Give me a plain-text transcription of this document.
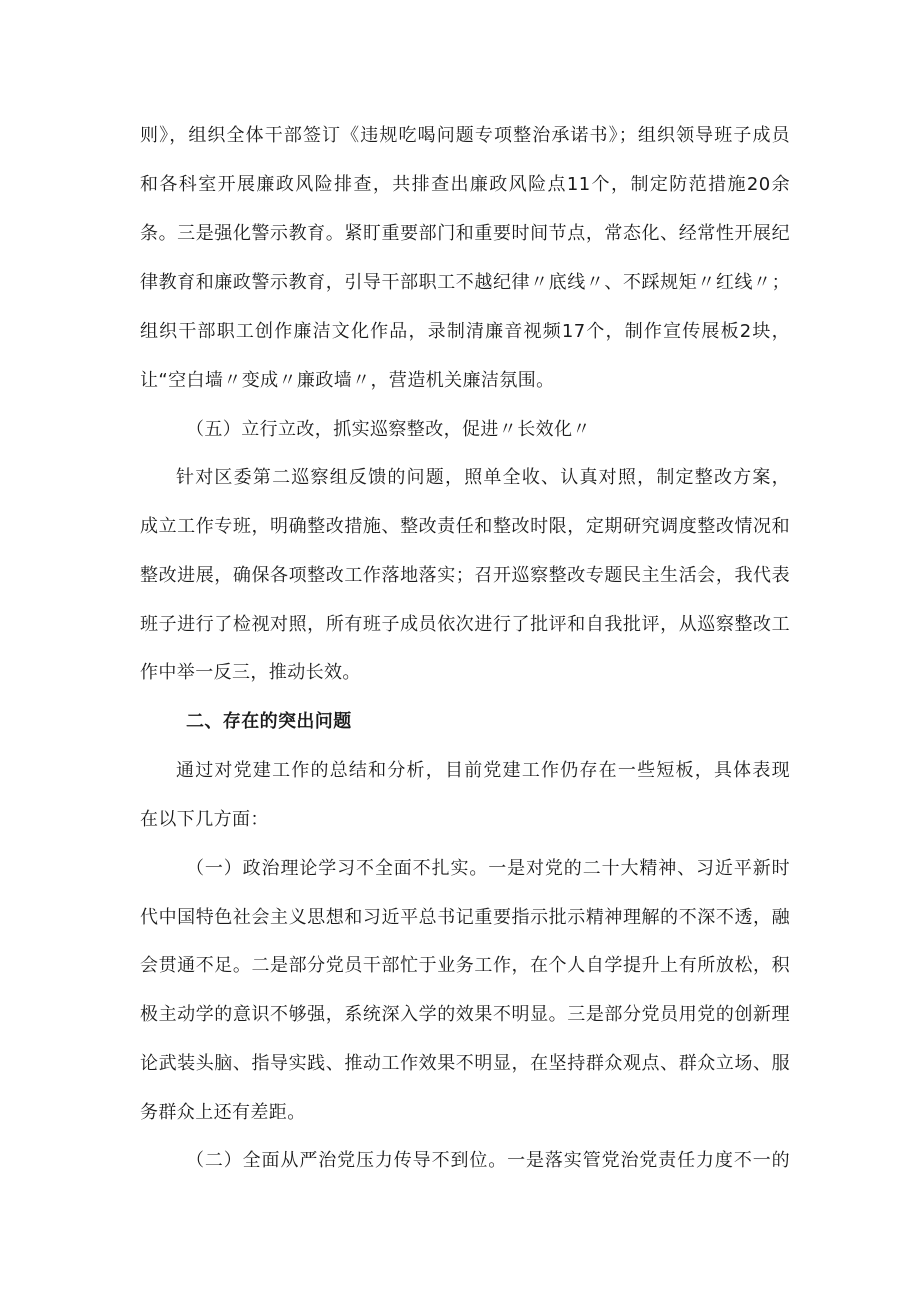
则》，组织全体干部签订《违规吃喝问题专项整治承诺书》；组织领导班子成员
和各科室开展廉政风险排查，共排查出廉政风险点11个，制定防范措施20余
条。三是强化警示教育。紧盯重要部门和重要时间节点，常态化、经常性开展纪
律教育和廉政警示教育，引导干部职工不越纪律〃底线〃、不踩规矩〃红线〃；
组织干部职工创作廉洁文化作品，录制清廉音视频17个，制作宣传展板2块，
让“空白墙〃变成〃廉政墙〃，营造机关廉洁氛围。
（五）立行立改，抓实巡察整改，促进〃长效化〃
针对区委第二巡察组反馈的问题，照单全收、认真对照，制定整改方案，
成立工作专班，明确整改措施、整改责任和整改时限，定期研究调度整改情况和
整改进展，确保各项整改工作落地落实；召开巡察整改专题民主生活会，我代表
班子进行了检视对照，所有班子成员依次进行了批评和自我批评，从巡察整改工
作中举一反三，推动长效。
二、存在的突出问题
通过对党建工作的总结和分析，目前党建工作仍存在一些短板，具体表现
在以下几方面：
（一）政治理论学习不全面不扎实。一是对党的二十大精神、习近平新时
代中国特色社会主义思想和习近平总书记重要指示批示精神理解的不深不透，融
会贯通不足。二是部分党员干部忙于业务工作，在个人自学提升上有所放松，积
极主动学的意识不够强，系统深入学的效果不明显。三是部分党员用党的创新理
论武装头脑、指导实践、推动工作效果不明显，在坚持群众观点、群众立场、服
务群众上还有差距。
（二）全面从严治党压力传导不到位。一是落实管党治党责任力度不一的
